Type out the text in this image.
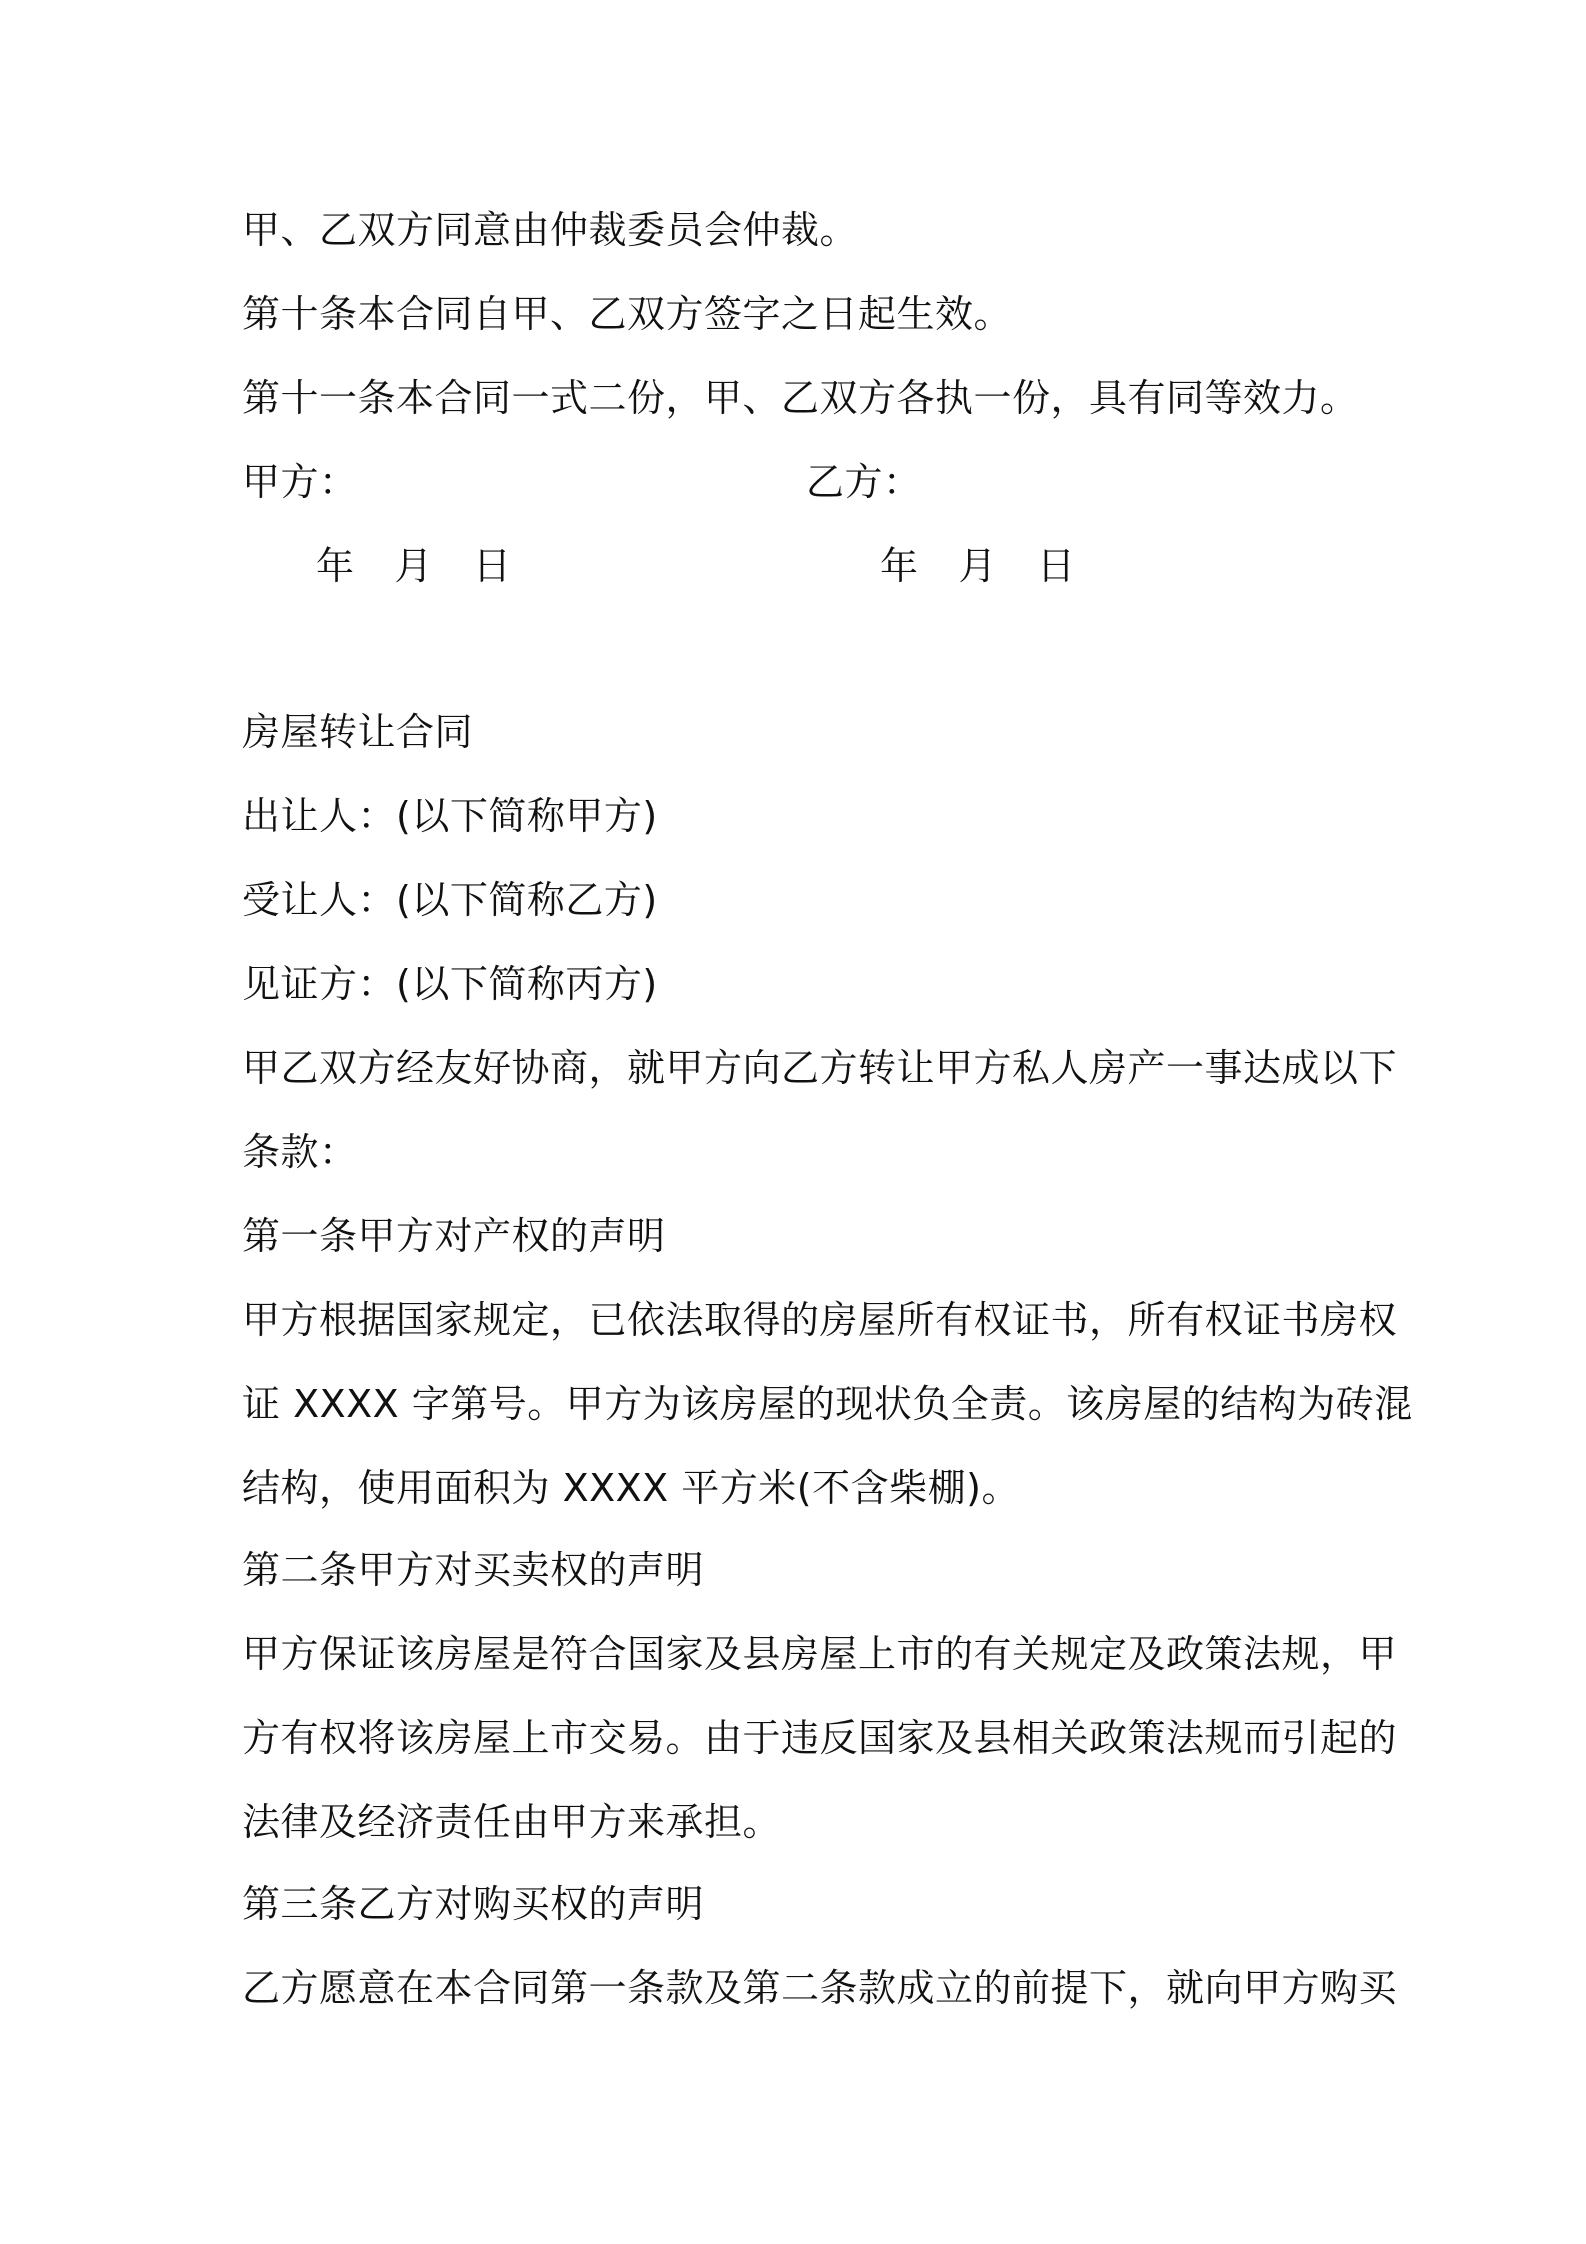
甲、乙双方同意由仲裁委员会仲裁。
第十条本合同自甲、乙双方签字之日起生效。
第十一条本合同一式二份，甲、乙双方各执一份，具有同等效力。
甲方：	乙方：
年 月 日	年 月 日
房屋转让合同
出让人：(以下简称甲方)
受让人：(以下简称乙方)
见证方：(以下简称丙方)
甲乙双方经友好协商，就甲方向乙方转让甲方私人房产一事达成以下
条款：
第一条甲方对产权的声明
甲方根据国家规定，已依法取得的房屋所有权证书，所有权证书房权
证 XXXX 字第号。甲方为该房屋的现状负全责。该房屋的结构为砖混
结构，使用面积为 XXXX 平方米(不含柴棚)。
第二条甲方对买卖权的声明
甲方保证该房屋是符合国家及县房屋上市的有关规定及政策法规，甲
方有权将该房屋上市交易。由于违反国家及县相关政策法规而引起的
法律及经济责任由甲方来承担。
第三条乙方对购买权的声明
乙方愿意在本合同第一条款及第二条款成立的前提下，就向甲方购买
